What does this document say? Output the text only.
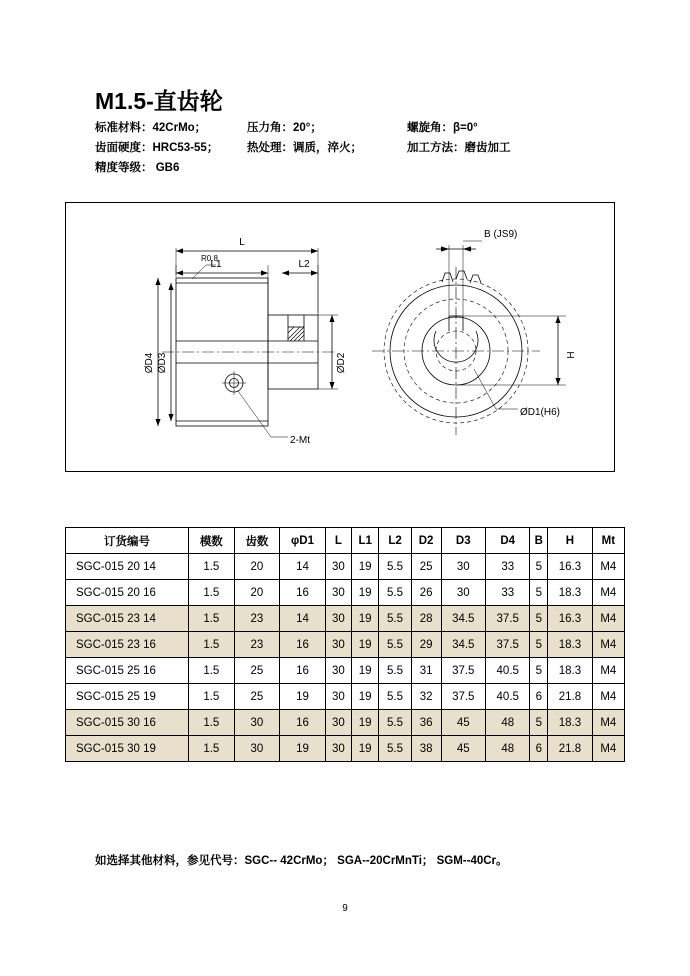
M1.5-直齿轮
标准材料：42CrMo；	压力角：20°；	螺旋角：β=0°
齿面硬度：HRC53-55； 热处理：调质，淬火；	加工方法：磨齿加工
精度等级： GB6
L
L1	L2
ØD4 ØD3	ØD2
R0.8
2-Mt
B (JS9)
H
ØD1(H6)
订货编号	模数	齿数	φD1	L	L1	L2	D2	D3	D4	B	H	Mt
SGC-015 20 14	1.5	20	14	30	19	5.5	25	30	33	5	16.3	M4
SGC-015 20 16	1.5	20	16	30	19	5.5	26	30	33	5	18.3	M4
SGC-015 23 14	1.5	23	14	30	19	5.5	28	34.5	37.5	5	16.3	M4
SGC-015 23 16	1.5	23	16	30	19	5.5	29	34.5	37.5	5	18.3	M4
SGC-015 25 16	1.5	25	16	30	19	5.5	31	37.5	40.5	5	18.3	M4
SGC-015 25 19	1.5	25	19	30	19	5.5	32	37.5	40.5	6	21.8	M4
SGC-015 30 16	1.5	30	16	30	19	5.5	36	45	48	5	18.3	M4
SGC-015 30 19	1.5	30	19	30	19	5.5	38	45	48	6	21.8	M4
如选择其他材料，参见代号：SGC-- 42CrMo； SGA--20CrMnTi； SGM--40Cr。
9
